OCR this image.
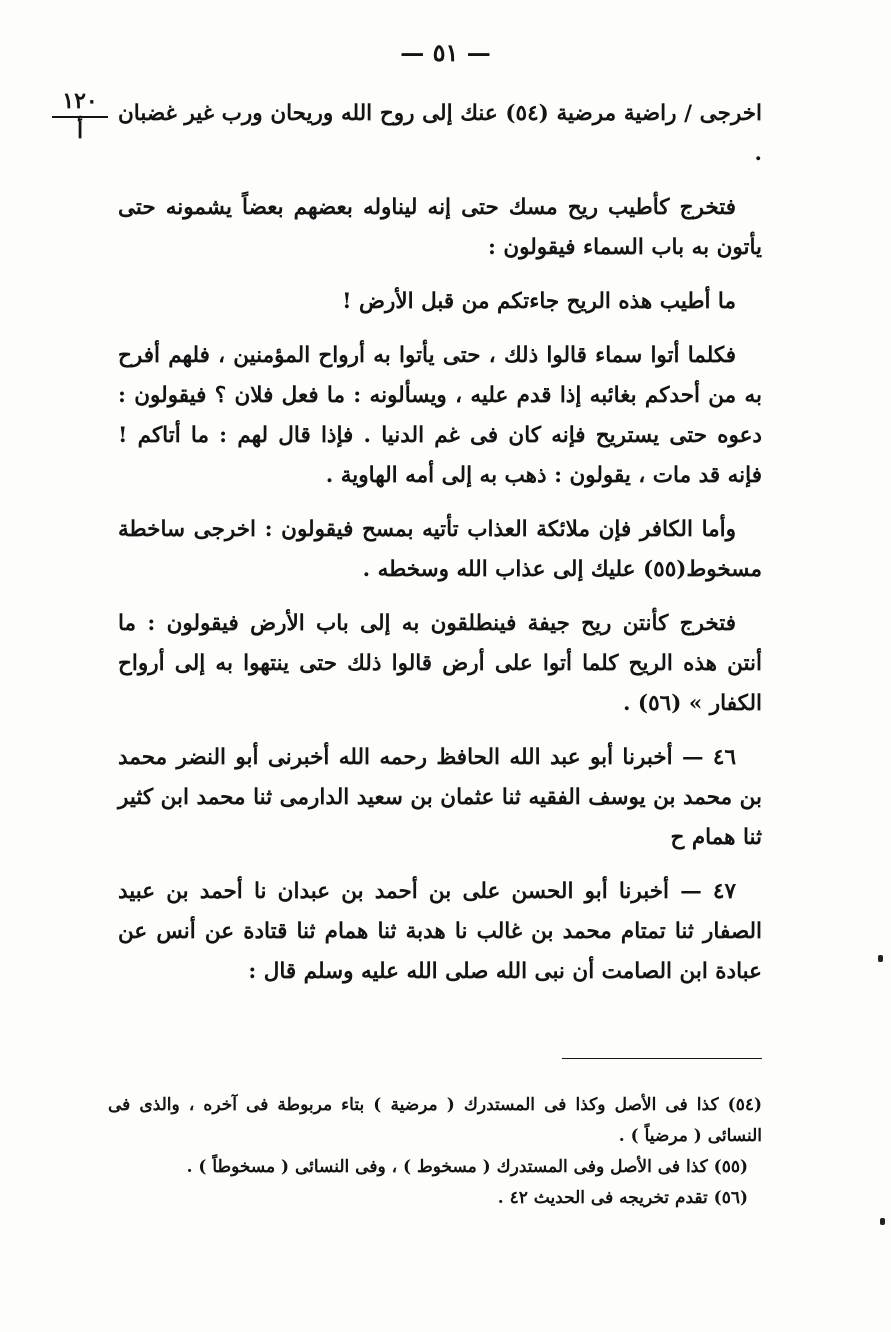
— ٥١ —
١٢٠
أ

اخرجى / راضية مرضية (٥٤) عنك إلى روح الله وريحان ورب غير غضبان .

فتخرج كأطيب ريح مسك حتى إنه ليناوله بعضهم بعضاً يشمونه حتى يأتون به باب السماء فيقولون :

ما أطيب هذه الريح جاءتكم من قبل الأرض !

فكلما أتوا سماء قالوا ذلك ، حتى يأتوا به أرواح المؤمنين ، فلهم أفرح به من أحدكم بغائبه إذا قدم عليه ، ويسألونه : ما فعل فلان ؟ فيقولون : دعوه حتى يستريح فإنه كان فى غم الدنيا . فإذا قال لهم : ما أتاكم ! فإنه قد مات ، يقولون : ذهب به إلى أمه الهاوية .

وأما الكافر فإن ملائكة العذاب تأتيه بمسح فيقولون : اخرجى ساخطة مسخوط(٥٥) عليك إلى عذاب الله وسخطه .

فتخرج كأنتن ريح جيفة فينطلقون به إلى باب الأرض فيقولون : ما أنتن هذه الريح كلما أتوا على أرض قالوا ذلك حتى ينتهوا به إلى أرواح الكفار » (٥٦) .

٤٦ — أخبرنا أبو عبد الله الحافظ رحمه الله أخبرنى أبو النضر محمد بن محمد بن يوسف الفقيه ثنا عثمان بن سعيد الدارمى ثنا محمد ابن كثير ثنا همام ح

٤٧ — أخبرنا أبو الحسن على بن أحمد بن عبدان نا أحمد بن عبيد الصفار ثنا تمتام محمد بن غالب نا هدبة ثنا همام ثنا قتادة عن أنس عن عبادة ابن الصامت أن نبى الله صلى الله عليه وسلم قال :

(٥٤) كذا فى الأصل وكذا فى المستدرك ( مرضية ) بتاء مربوطة فى آخره ، والذى فى النسائى ( مرضياً ) .

(٥٥) كذا فى الأصل وفى المستدرك ( مسخوط ) ، وفى النسائى ( مسخوطاً ) .

(٥٦) تقدم تخريجه فى الحديث ٤٢ .
